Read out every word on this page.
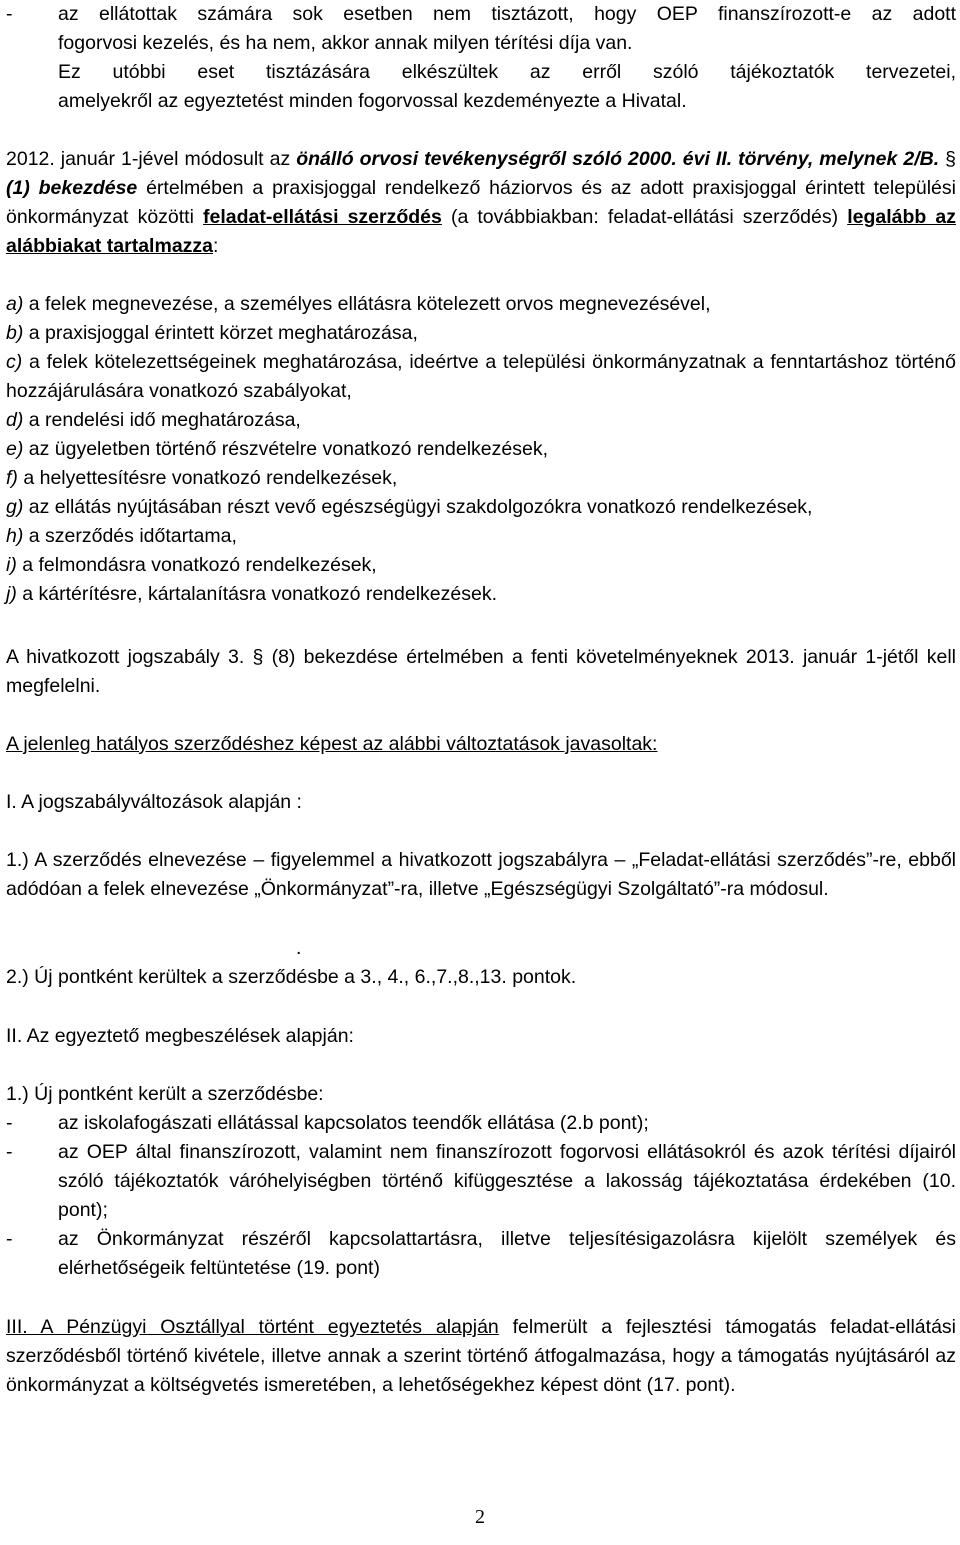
-	az ellátottak számára sok esetben nem tisztázott, hogy OEP finanszírozott-e az adott
fogorvosi kezelés, és ha nem, akkor annak milyen térítési díja van.
Ez utóbbi eset tisztázására elkészültek az erről szóló tájékoztatók tervezetei,
amelyekről az egyeztetést minden fogorvossal kezdeményezte a Hivatal.

2012. január 1-jével módosult az önálló orvosi tevékenységről szóló 2000. évi II. törvény, melynek 2/B. § (1) bekezdése értelmében a praxisjoggal rendelkező háziorvos és az adott praxisjoggal érintett települési önkormányzat közötti feladat-ellátási szerződés (a továbbiakban: feladat-ellátási szerződés) legalább az alábbiakat tartalmazza:

a) a felek megnevezése, a személyes ellátásra kötelezett orvos megnevezésével,
b) a praxisjoggal érintett körzet meghatározása,
c) a felek kötelezettségeinek meghatározása, ideértve a települési önkormányzatnak a fenntartáshoz történő hozzájárulására vonatkozó szabályokat,
d) a rendelési idő meghatározása,
e) az ügyeletben történő részvételre vonatkozó rendelkezések,
f) a helyettesítésre vonatkozó rendelkezések,
g) az ellátás nyújtásában részt vevő egészségügyi szakdolgozókra vonatkozó rendelkezések,
h) a szerződés időtartama,
i) a felmondásra vonatkozó rendelkezések,
j) a kártérítésre, kártalanításra vonatkozó rendelkezések.

A hivatkozott jogszabály 3. § (8) bekezdése értelmében a fenti követelményeknek 2013. január 1-jétől kell megfelelni.

A jelenleg hatályos szerződéshez képest az alábbi változtatások javasoltak:

I. A jogszabályváltozások alapján :

1.) A szerződés elnevezése – figyelemmel a hivatkozott jogszabályra – „Feladat-ellátási szerződés”-re, ebből adódóan a felek elnevezése „Önkormányzat”-ra, illetve „Egészségügyi Szolgáltató”-ra módosul.

.

2.) Új pontként kerültek a szerződésbe a 3., 4., 6.,7.,8.,13. pontok.

II. Az egyeztető megbeszélések alapján:

1.) Új pontként került a szerződésbe:

-	az iskolafogászati ellátással kapcsolatos teendők ellátása (2.b pont);
-	az OEP által finanszírozott, valamint nem finanszírozott fogorvosi ellátásokról és azok térítési díjairól szóló tájékoztatók váróhelyiségben történő kifüggesztése a lakosság tájékoztatása érdekében (10. pont);
-	az Önkormányzat részéről kapcsolattartásra, illetve teljesítésigazolásra kijelölt személyek és elérhetőségeik feltüntetése (19. pont)

III. A Pénzügyi Osztállyal történt egyeztetés alapján felmerült a fejlesztési támogatás feladat-ellátási szerződésből történő kivétele, illetve annak a szerint történő átfogalmazása, hogy a támogatás nyújtásáról az önkormányzat a költségvetés ismeretében, a lehetőségekhez képest dönt (17. pont).

2
